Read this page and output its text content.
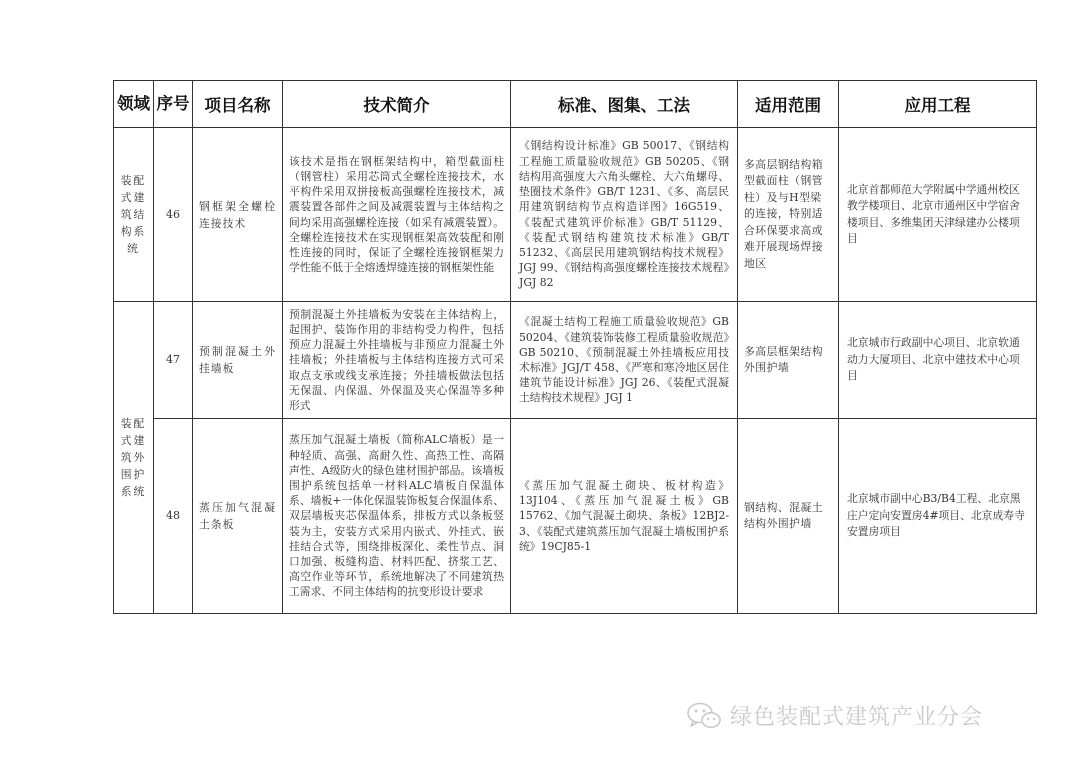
领域	序号	项目名称	技术简介	标准、图集、工法	适用范围	应用工程
装配式建筑结构系统	46	钢框架全螺栓连接技术	该技术是指在钢框架结构中，箱型截面柱（钢管柱）采用芯筒式全螺栓连接技术，水平构件采用双拼接板高强螺栓连接技术，减震装置各部件之间及减震装置与主体结构之间均采用高强螺栓连接（如采有减震装置）。全螺栓连接技术在实现钢框架高效装配和刚性连接的同时，保证了全螺栓连接钢框架力学性能不低于全熔透焊缝连接的钢框架性能	《钢结构设计标准》GB 50017、《钢结构工程施工质量验收规范》GB 50205、《钢结构用高强度大六角头螺栓、大六角螺母、垫圈技术条件》GB/T 1231、《多、高层民用建筑钢结构节点构造详图》16G519、《装配式建筑评价标准》GB/T 51129、《装配式钢结构建筑技术标准》GB/T 51232、《高层民用建筑钢结构技术规程》JGJ 99、《钢结构高强度螺栓连接技术规程》JGJ 82	多高层钢结构箱型截面柱（钢管柱）及与H型梁的连接，特别适合环保要求高或难开展现场焊接地区	北京首都师范大学附属中学通州校区教学楼项目、北京市通州区中学宿舍楼项目、多维集团天津绿建办公楼项目
装配式建筑外围护系统	47	预制混凝土外挂墙板	预制混凝土外挂墙板为安装在主体结构上，起围护、装饰作用的非结构受力构件，包括预应力混凝土外挂墙板与非预应力混凝土外挂墙板；外挂墙板与主体结构连接方式可采取点支承或线支承连接；外挂墙板做法包括无保温、内保温、外保温及夹心保温等多种形式	《混凝土结构工程施工质量验收规范》GB 50204、《建筑装饰装修工程质量验收规范》GB 50210、《预制混凝土外挂墙板应用技术标准》JGJ/T 458、《严寒和寒冷地区居住建筑节能设计标准》JGJ 26、《装配式混凝土结构技术规程》JGJ 1	多高层框架结构外围护墙	北京城市行政副中心项目、北京软通动力大厦项目、北京中建技术中心项目
	48	蒸压加气混凝土条板	蒸压加气混凝土墙板（简称ALC墙板）是一种轻质、高强、高耐久性、高热工性、高隔声性、A级防火的绿色建材围护部品。该墙板围护系统包括单一材料ALC墙板自保温体系、墙板+一体化保温装饰板复合保温体系、双层墙板夹芯保温体系，排板方式以条板竖装为主，安装方式采用内嵌式、外挂式、嵌挂结合式等，围绕排板深化、柔性节点、洞口加强、板缝构造、材料匹配、挤浆工艺、高空作业等环节，系统地解决了不同建筑热工需求、不同主体结构的抗变形设计要求	《蒸压加气混凝土砌块、板材构造》13J104、《蒸压加气混凝土板》GB 15762、《加气混凝土砌块、条板》12BJ2-3、《装配式建筑蒸压加气混凝土墙板围护系统》19CJ85-1	钢结构、混凝土结构外围护墙	北京城市副中心B3/B4工程、北京黑庄户定向安置房4#项目、北京成寿寺安置房项目
绿色装配式建筑产业分会
